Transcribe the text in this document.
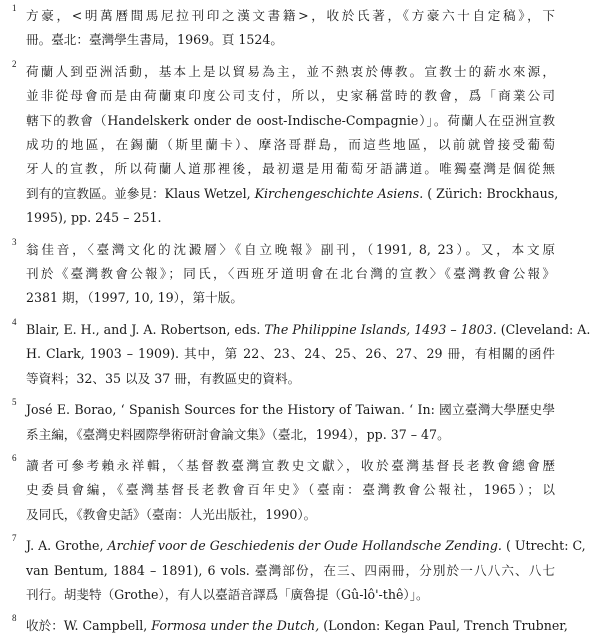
1 方豪，<明萬曆間馬尼拉刊印之漢文書籍>，收於氏著，《方豪六十自定稿》，下
冊。臺北：臺灣學生書局，1969。頁 1524。
2 荷蘭人到亞洲活動，基本上是以貿易為主，並不熱衷於傳教。宣教士的薪水來源，
並非從母會而是由荷蘭東印度公司支付，所以，史家稱當時的教會，爲「商業公司
轄下的教會（Handelskerk onder de oost-Indische-Compagnie）」。荷蘭人在亞洲宣教
成功的地區，在錫蘭（斯里蘭卡）、摩洛哥群島，而這些地區，以前就曾接受葡萄
牙人的宣教，所以荷蘭人道那裡後，最初還是用葡萄牙語講道。唯獨臺灣是個從無
到有的宣教區。並參見：Klaus Wetzel, Kirchengeschichte Asiens. ( Zürich: Brockhaus,
1995), pp. 245 – 251.
3 翁佳音，〈臺灣文化的沈澱層〉《自立晚報》副刊，（1991, 8, 23）。又，本文原
刊於《臺灣教會公報》；同氏，〈西班牙道明會在北台灣的宣教〉《臺灣教會公報》
2381 期，（1997, 10, 19），第十版。
4 Blair, E. H., and J. A. Robertson, eds. The Philippine Islands, 1493 – 1803. (Cleveland: A.
H. Clark, 1903 – 1909). 其中，第 22、23、24、25、26、27、29 冊，有相關的函件
等資料；32、35 以及 37 冊，有教區史的資料。
5 José E. Borao, ‘ Spanish Sources for the History of Taiwan. ‘ In: 國立臺灣大學歷史學
系主編，《臺灣史料國際學術研討會論文集》（臺北，1994），pp. 37 – 47。
6 讀者可參考賴永祥輯，〈基督教臺灣宣教史文獻〉，收於臺灣基督長老教會總會歷
史委員會編，《臺灣基督長老教會百年史》（臺南：臺灣教會公報社，1965）；以
及同氏，《教會史話》（臺南：人光出版社，1990）。
7 J. A. Grothe, Archief voor de Geschiedenis der Oude Hollandsche Zending. ( Utrecht: C,
van Bentum, 1884 – 1891), 6 vols. 臺灣部份，在三、四兩冊，分別於一八八六、八七
刊行。胡斐特（Grothe），有人以臺語音譯爲「廣魯提（Gû-lô'-thê）」。
8 收於：W. Campbell, Formosa under the Dutch, (London: Kegan Paul, Trench Trubner,
